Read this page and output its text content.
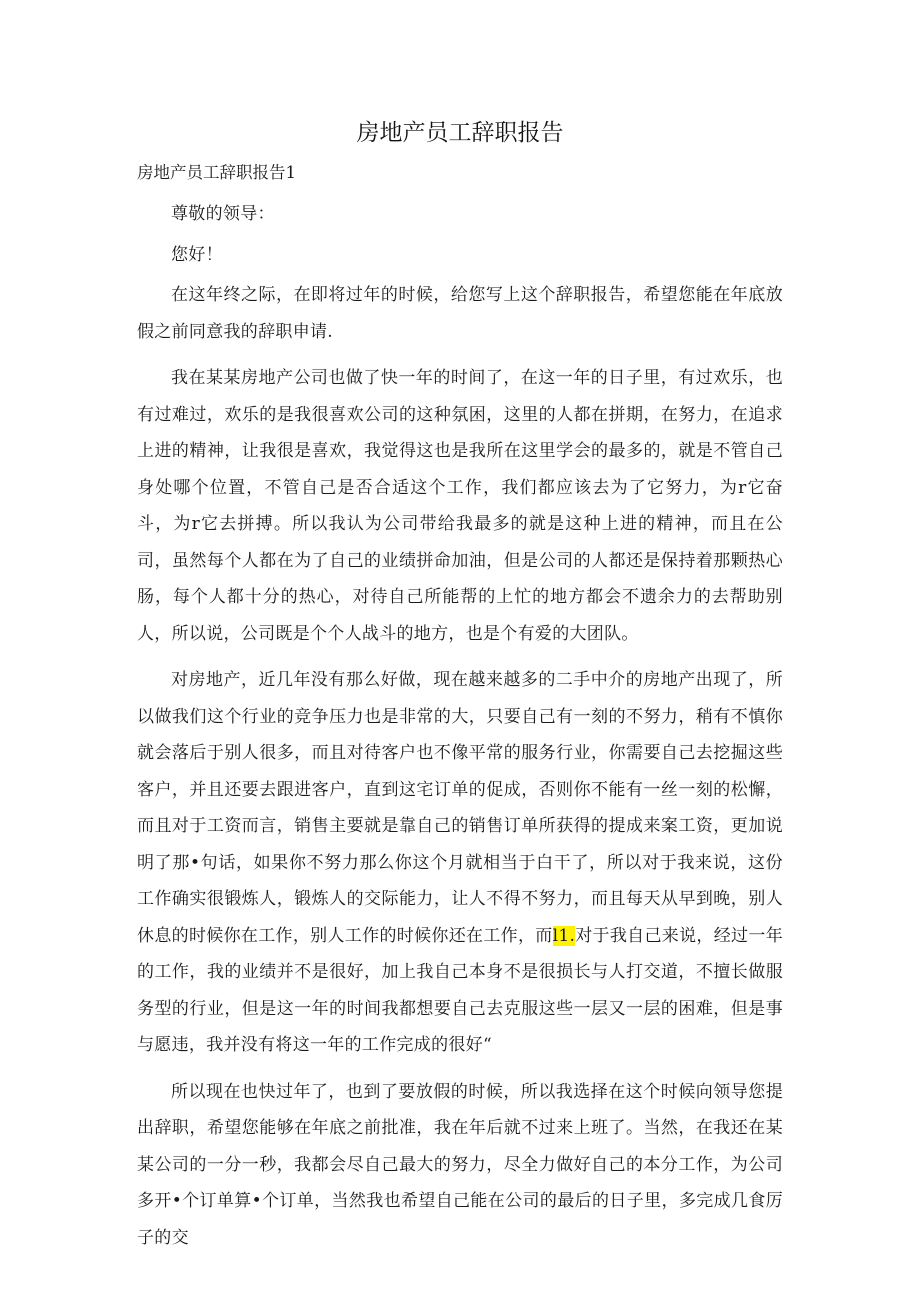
房地产员工辞职报告

房地产员工辞职报告1

尊敬的领导：

您好！

在这年终之际，在即将过年的时候，给您写上这个辞职报告，希望您能在年底放假之前同意我的辞职申请.

我在某某房地产公司也做了快一年的时间了，在这一年的日子里，有过欢乐，也有过难过，欢乐的是我很喜欢公司的这种氛困，这里的人都在拼期，在努力，在追求上进的精神，让我很是喜欢，我觉得这也是我所在这里学会的最多的，就是不管自己身处哪个位置，不管自己是否合适这个工作，我们都应该去为了它努力，为r它奋斗，为r它去拼搏。所以我认为公司带给我最多的就是这种上进的精神，而且在公司，虽然每个人都在为了自己的业绩拼命加油，但是公司的人都还是保持着那颗热心肠，每个人都十分的热心，对待自己所能帮的上忙的地方都会不遗余力的去帮助别人，所以说，公司既是个个人战斗的地方，也是个有爱的大团队。

对房地产，近几年没有那么好做，现在越来越多的二手中介的房地产出现了，所以做我们这个行业的竞争压力也是非常的大，只要自己有一刻的不努力，稍有不慎你就会落后于别人很多，而且对待客户也不像平常的服务行业，你需要自己去挖掘这些客户，并且还要去跟进客户，直到这宅订单的促成，否则你不能有一丝一刻的松懈，而且对于工资而言，销售主要就是靠自己的销售订单所获得的提成来案工资，更加说明了那•句话，如果你不努力那么你这个月就相当于白干了，所以对于我来说，这份工作确实很锻炼人，锻炼人的交际能力，让人不得不努力，而且每天从早到晚，别人休息的时候你在工作，别人工作的时候你还在工作，而l1.对于我自己来说，经过一年的工作，我的业绩并不是很好，加上我自己本身不是很损长与人打交道，不擅长做服务型的行业，但是这一年的时间我都想要自己去克服这些一层又一层的困难，但是事与愿违，我并没有将这一年的工作完成的很好“

所以现在也快过年了，也到了要放假的时候，所以我选择在这个时候向领导您提出辞职，希望您能够在年底之前批准，我在年后就不过来上班了。当然，在我还在某某公司的一分一秒，我都会尽自己最大的努力，尽全力做好自己的本分工作，为公司多开•个订单算•个订单，当然我也希望自己能在公司的最后的日子里，多完成几食厉子的交
